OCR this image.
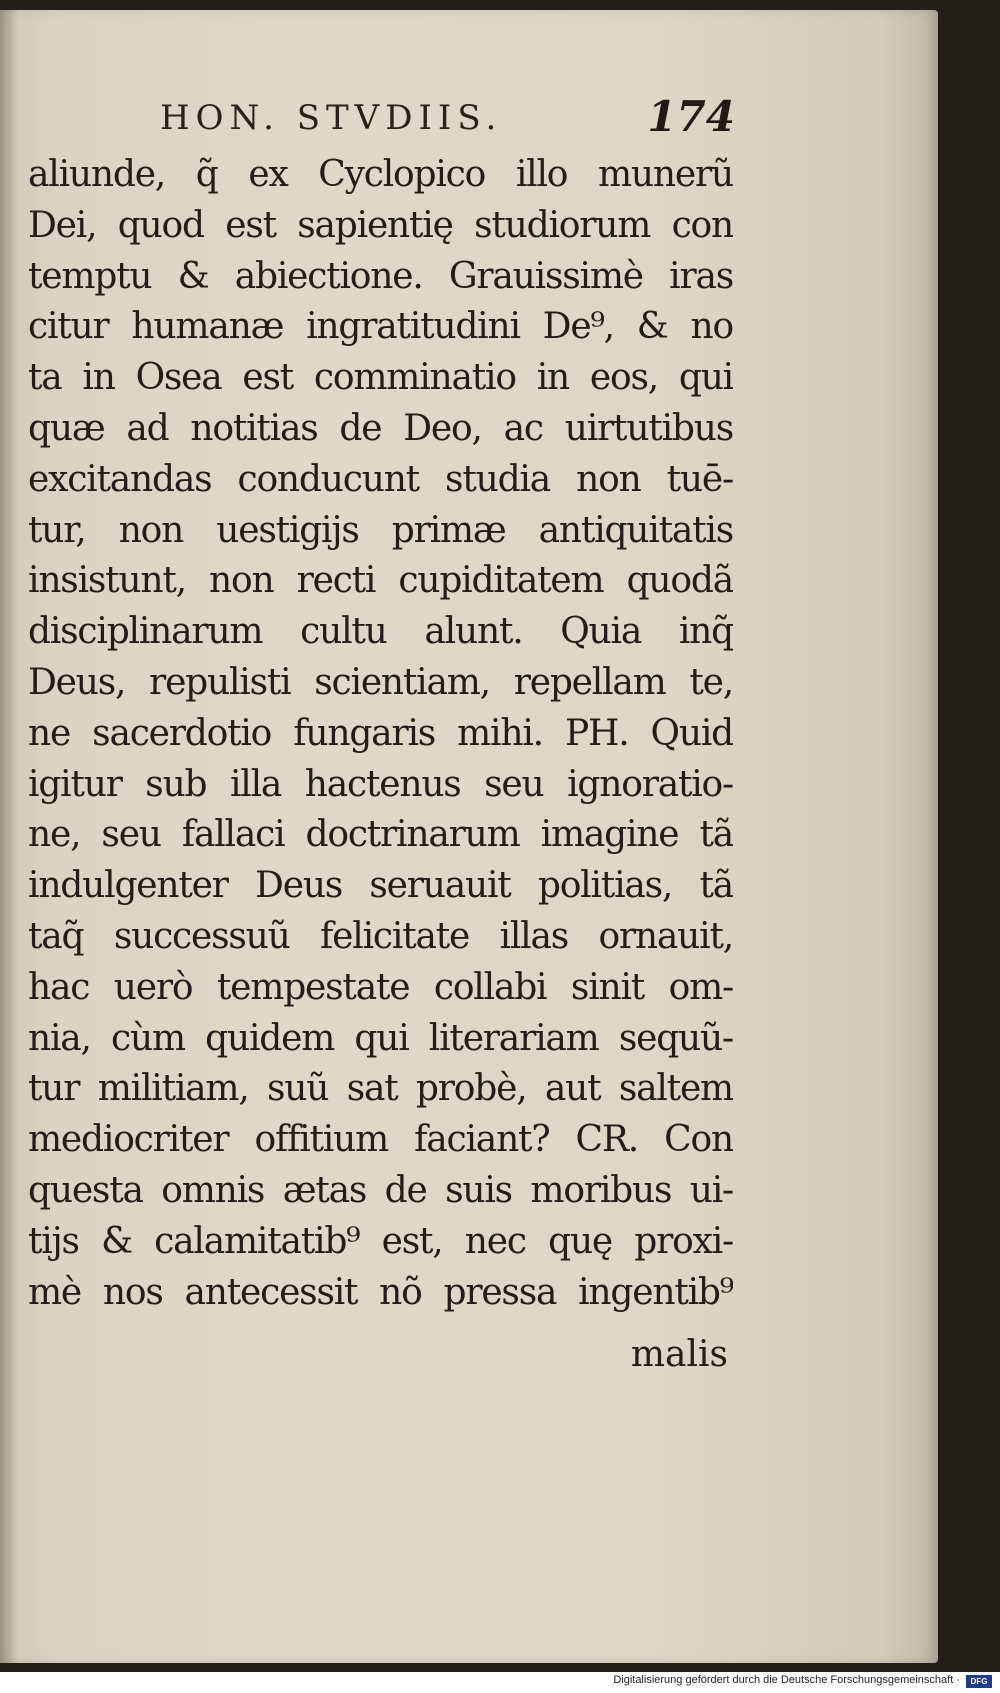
HON. STVDIIS.	174
aliunde, q̃ ex Cyclopico illo munerũ
Dei, quod est sapientię studiorum con
temptu & abiectione. Grauissimè iras
citur humanæ ingratitudini De⁹, & no
ta in Osea est comminatio in eos, qui
quæ ad notitias de Deo, ac uirtutibus
excitandas conducunt studia non tuē-
tur, non uestigijs primæ antiquitatis
insistunt, non recti cupiditatem quodã
disciplinarum cultu alunt. Quia inq̃
Deus, repulisti scientiam, repellam te,
ne sacerdotio fungaris mihi. PH. Quid
igitur sub illa hactenus seu ignoratio-
ne, seu fallaci doctrinarum imagine tã
indulgenter Deus seruauit politias, tã
taq̃ successuũ felicitate illas ornauit,
hac uerò tempestate collabi sinit om-
nia, cùm quidem qui literariam sequũ-
tur militiam, suũ sat probè, aut saltem
mediocriter offitium faciant? CR. Con
questa omnis ætas de suis moribus ui-
tijs & calamitatib⁹ est, nec quę proxi-
mè nos antecessit nõ pressa ingentib⁹
malis
Digitalisierung gefördert durch die Deutsche Forschungsgemeinschaft ·	DFG
